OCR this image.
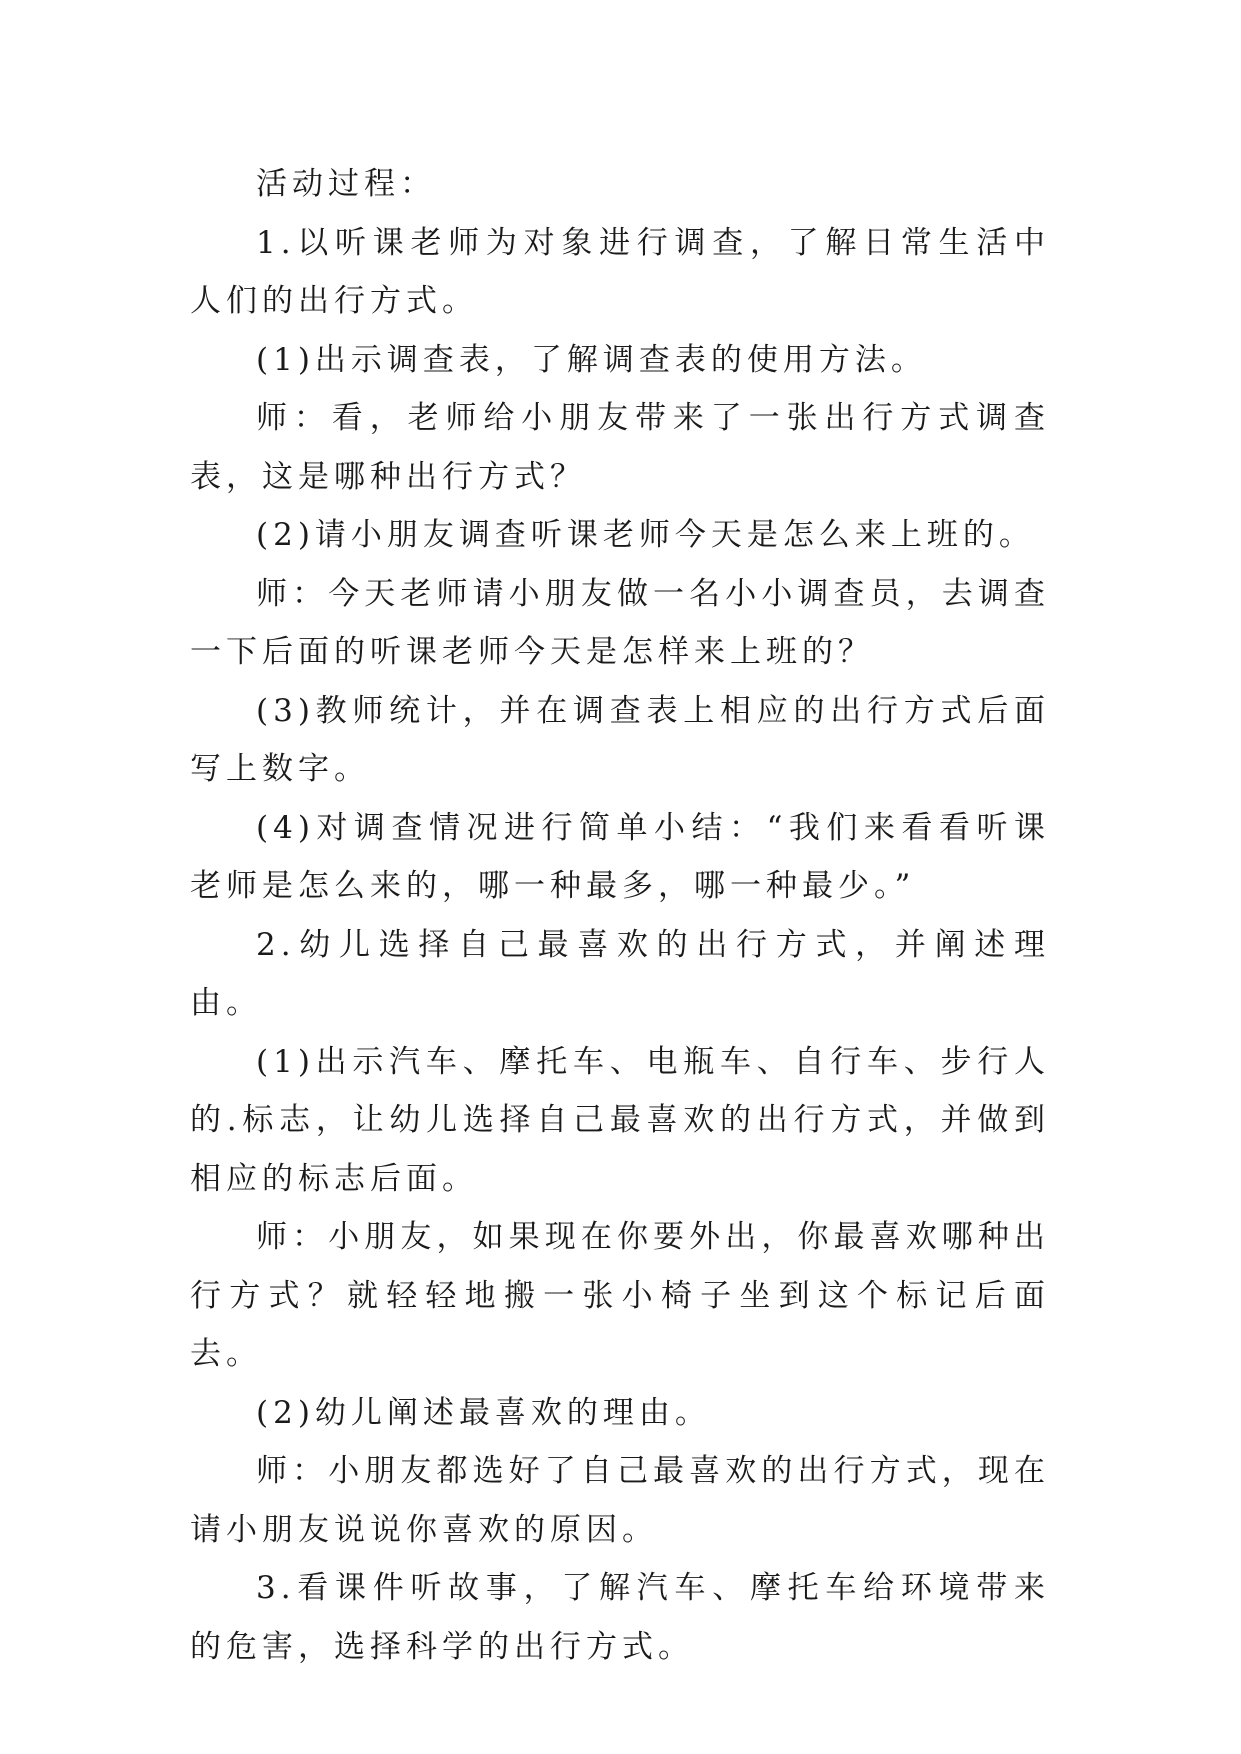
活动过程：

1.以听课老师为对象进行调查，了解日常生活中人们的出行方式。

(1)出示调查表，了解调查表的使用方法。

师：看，老师给小朋友带来了一张出行方式调查表，这是哪种出行方式？

(2)请小朋友调查听课老师今天是怎么来上班的。

师：今天老师请小朋友做一名小小调查员，去调查一下后面的听课老师今天是怎样来上班的？

(3)教师统计，并在调查表上相应的出行方式后面写上数字。

(4)对调查情况进行简单小结：“我们来看看听课老师是怎么来的，哪一种最多，哪一种最少。”

2.幼儿选择自己最喜欢的出行方式，并阐述理由。

(1)出示汽车、摩托车、电瓶车、自行车、步行人的.标志，让幼儿选择自己最喜欢的出行方式，并做到相应的标志后面。

师：小朋友，如果现在你要外出，你最喜欢哪种出行方式？就轻轻地搬一张小椅子坐到这个标记后面去。

(2)幼儿阐述最喜欢的理由。

师：小朋友都选好了自己最喜欢的出行方式，现在请小朋友说说你喜欢的原因。

3.看课件听故事，了解汽车、摩托车给环境带来的危害，选择科学的出行方式。
